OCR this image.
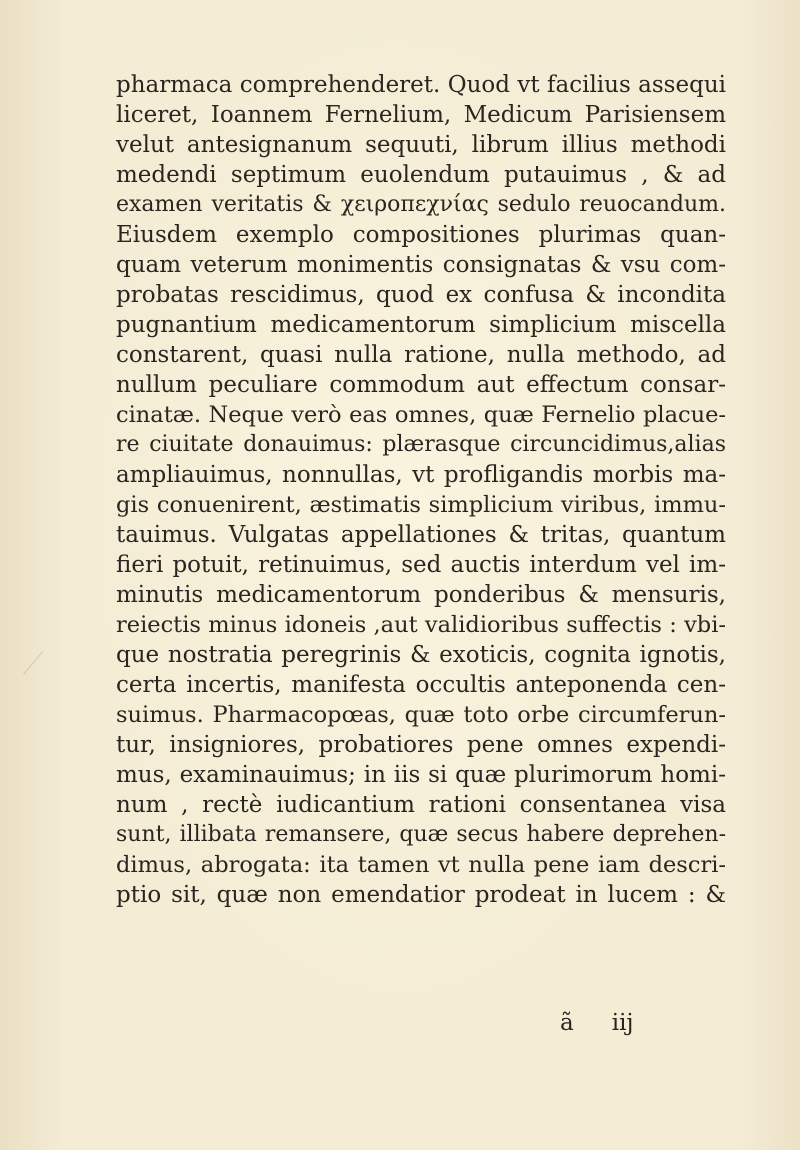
pharmaca comprehenderet. Quod vt facilius assequi
liceret, Ioannem Fernelium, Medicum Parisiensem
velut antesignanum sequuti, librum illius methodi
medendi septimum euolendum putauimus , & ad
examen veritatis & χειροπεχνίας sedulo reuocandum.
Eiusdem exemplo compositiones plurimas quan-
quam veterum monimentis consignatas & vsu com-
probatas rescidimus, quod ex confusa & incondita
pugnantium medicamentorum simplicium miscella
constarent, quasi nulla ratione, nulla methodo, ad
nullum peculiare commodum aut effectum consar-
cinatæ. Neque verò eas omnes, quæ Fernelio placue-
re ciuitate donauimus: plærasque circuncidimus,alias
ampliauimus, nonnullas, vt profligandis morbis ma-
gis conuenirent, æstimatis simplicium viribus, immu-
tauimus. Vulgatas appellationes & tritas, quantum
fieri potuit, retinuimus, sed auctis interdum vel im-
minutis medicamentorum ponderibus & mensuris,
reiectis minus idoneis ,aut validioribus suffectis : vbi-
que nostratia peregrinis & exoticis, cognita ignotis,
certa incertis, manifesta occultis anteponenda cen-
suimus. Pharmacopœas, quæ toto orbe circumferun-
tur, insigniores, probatiores pene omnes expendi-
mus, examinauimus; in iis si quæ plurimorum homi-
num , rectè iudicantium rationi consentanea visa
sunt, illibata remansere, quæ secus habere deprehen-
dimus, abrogata: ita tamen vt nulla pene iam descri-
ptio sit, quæ non emendatior prodeat in lucem : &
ã iij
